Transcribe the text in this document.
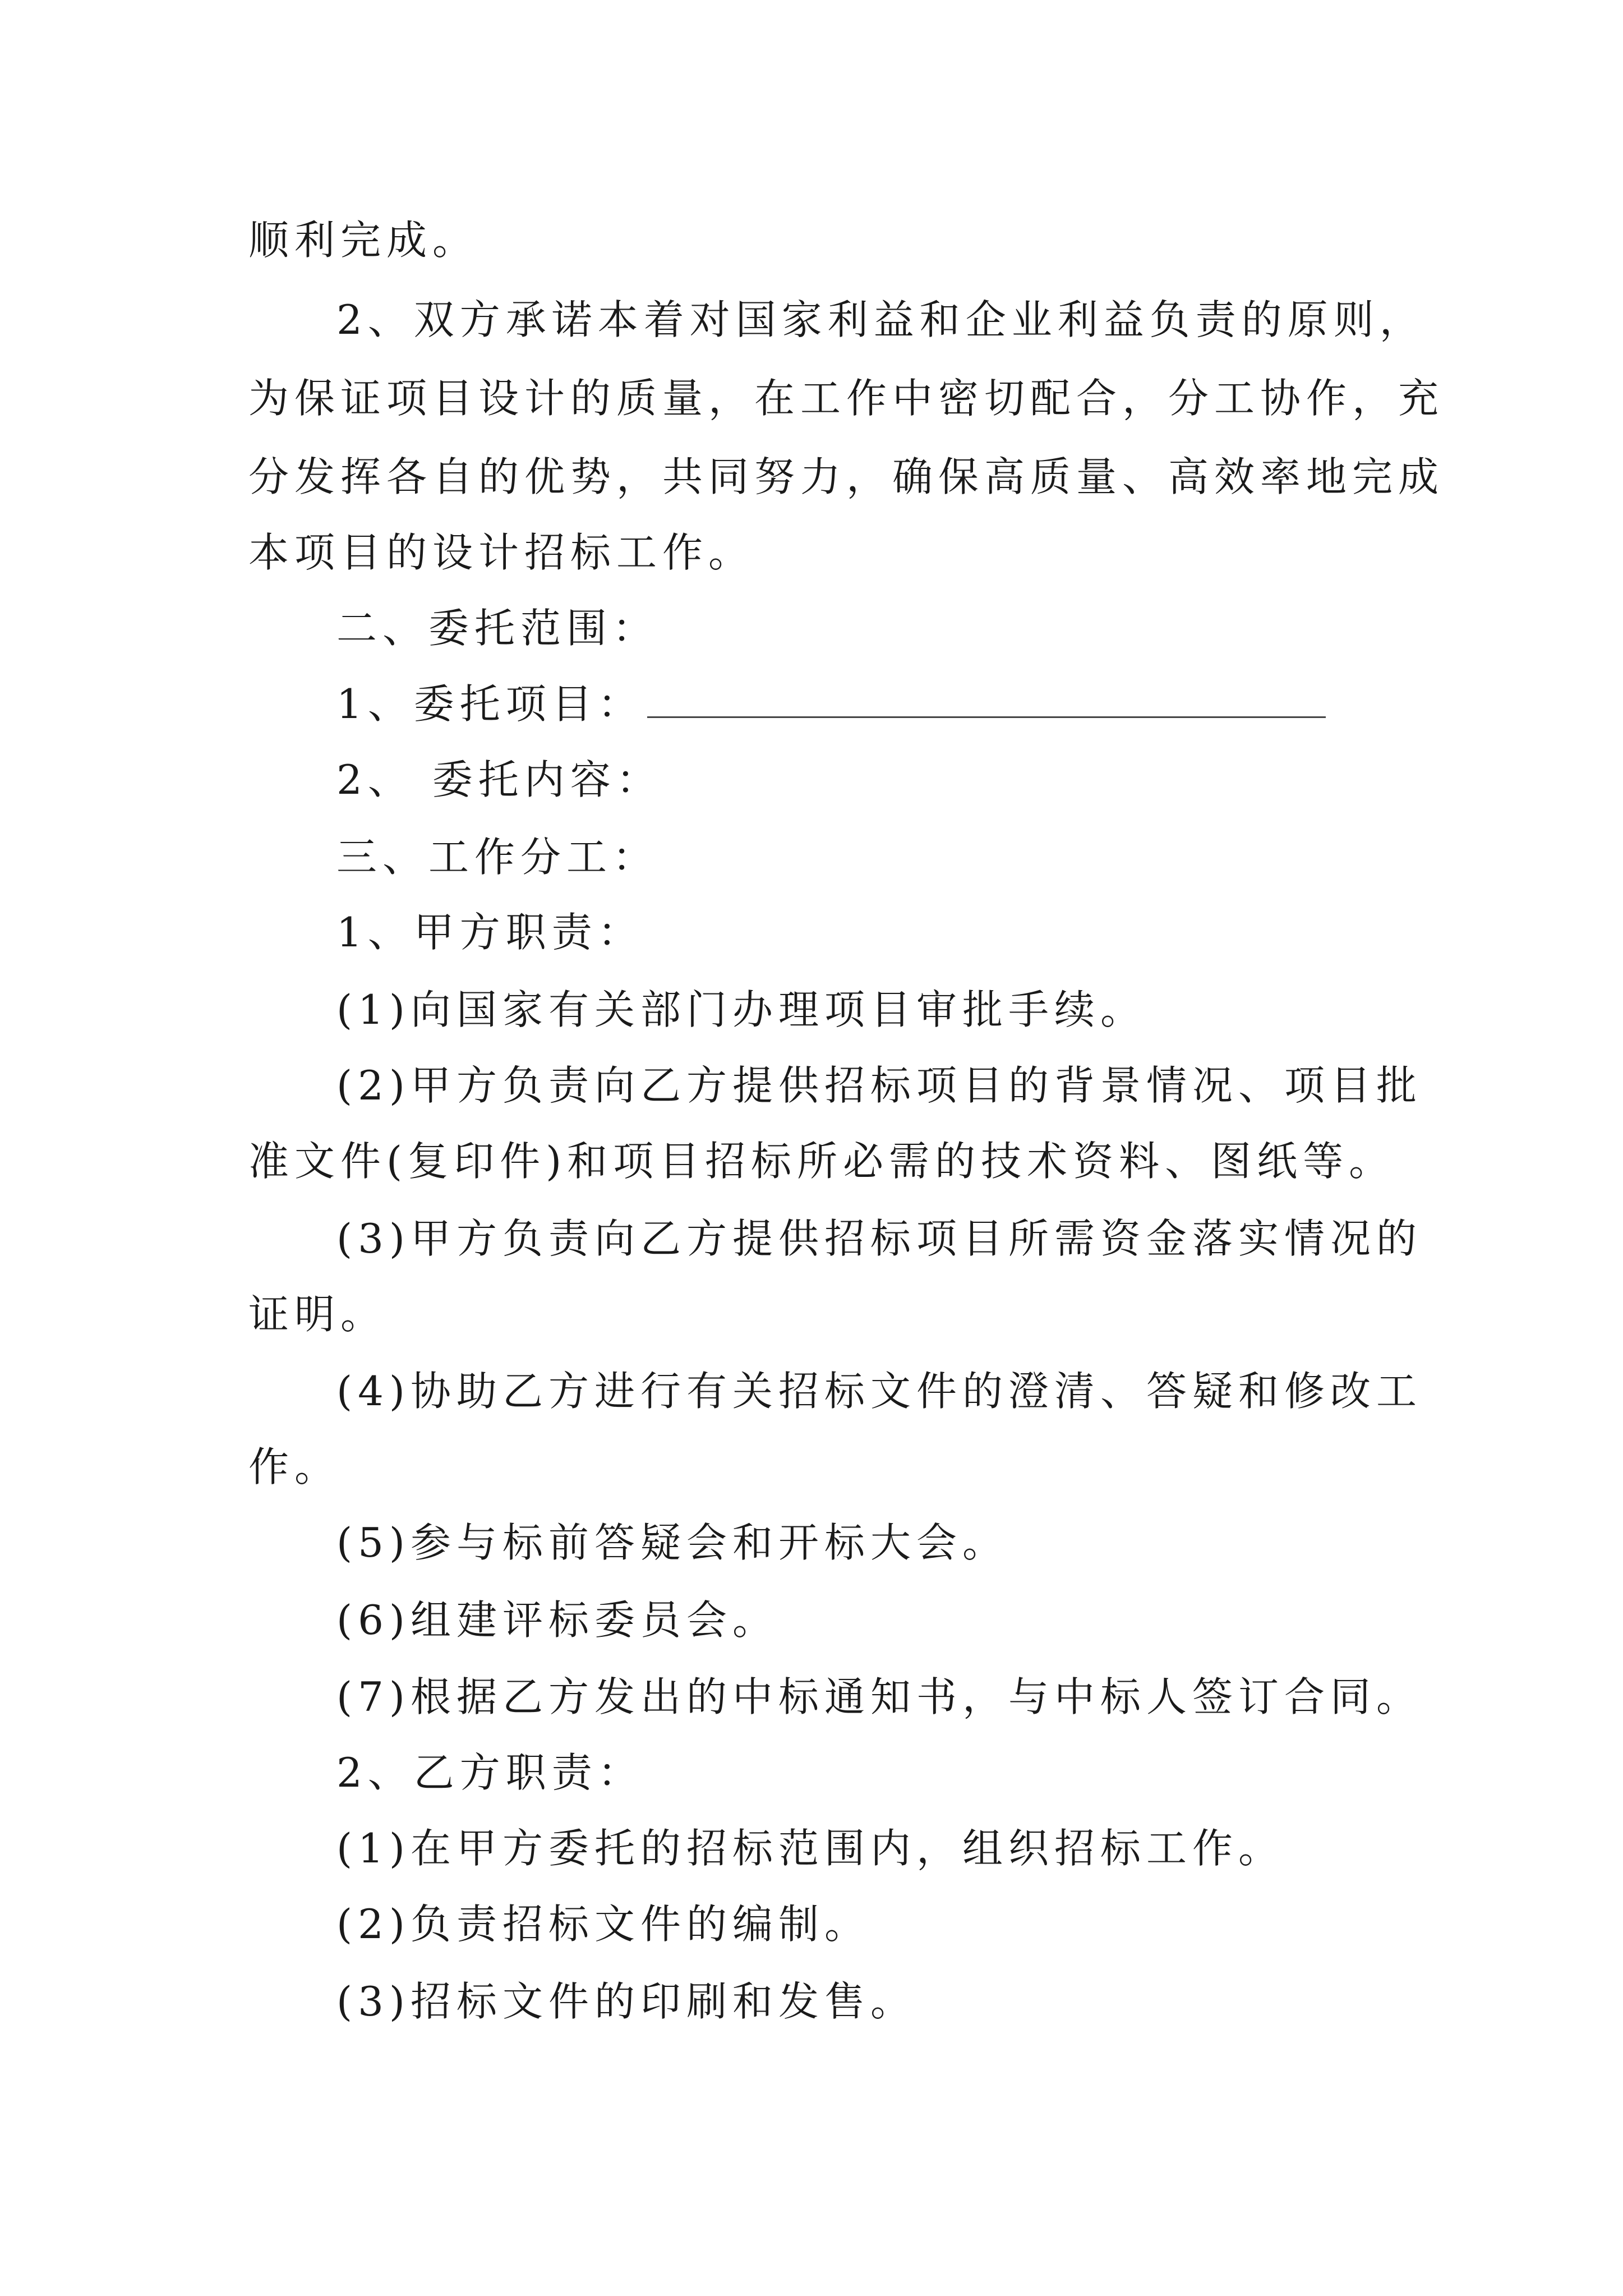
顺利完成。
2、双方承诺本着对国家利益和企业利益负责的原则，
为保证项目设计的质量，在工作中密切配合，分工协作，充
分发挥各自的优势，共同努力，确保高质量、高效率地完成
本项目的设计招标工作。
二、委托范围：
1、委托项目：
2、 委托内容：
三、工作分工：
1、甲方职责：
(1)向国家有关部门办理项目审批手续。
(2)甲方负责向乙方提供招标项目的背景情况、项目批
准文件(复印件)和项目招标所必需的技术资料、图纸等。
(3)甲方负责向乙方提供招标项目所需资金落实情况的
证明。
(4)协助乙方进行有关招标文件的澄清、答疑和修改工
作。
(5)参与标前答疑会和开标大会。
(6)组建评标委员会。
(7)根据乙方发出的中标通知书，与中标人签订合同。
2、乙方职责：
(1)在甲方委托的招标范围内，组织招标工作。
(2)负责招标文件的编制。
(3)招标文件的印刷和发售。
